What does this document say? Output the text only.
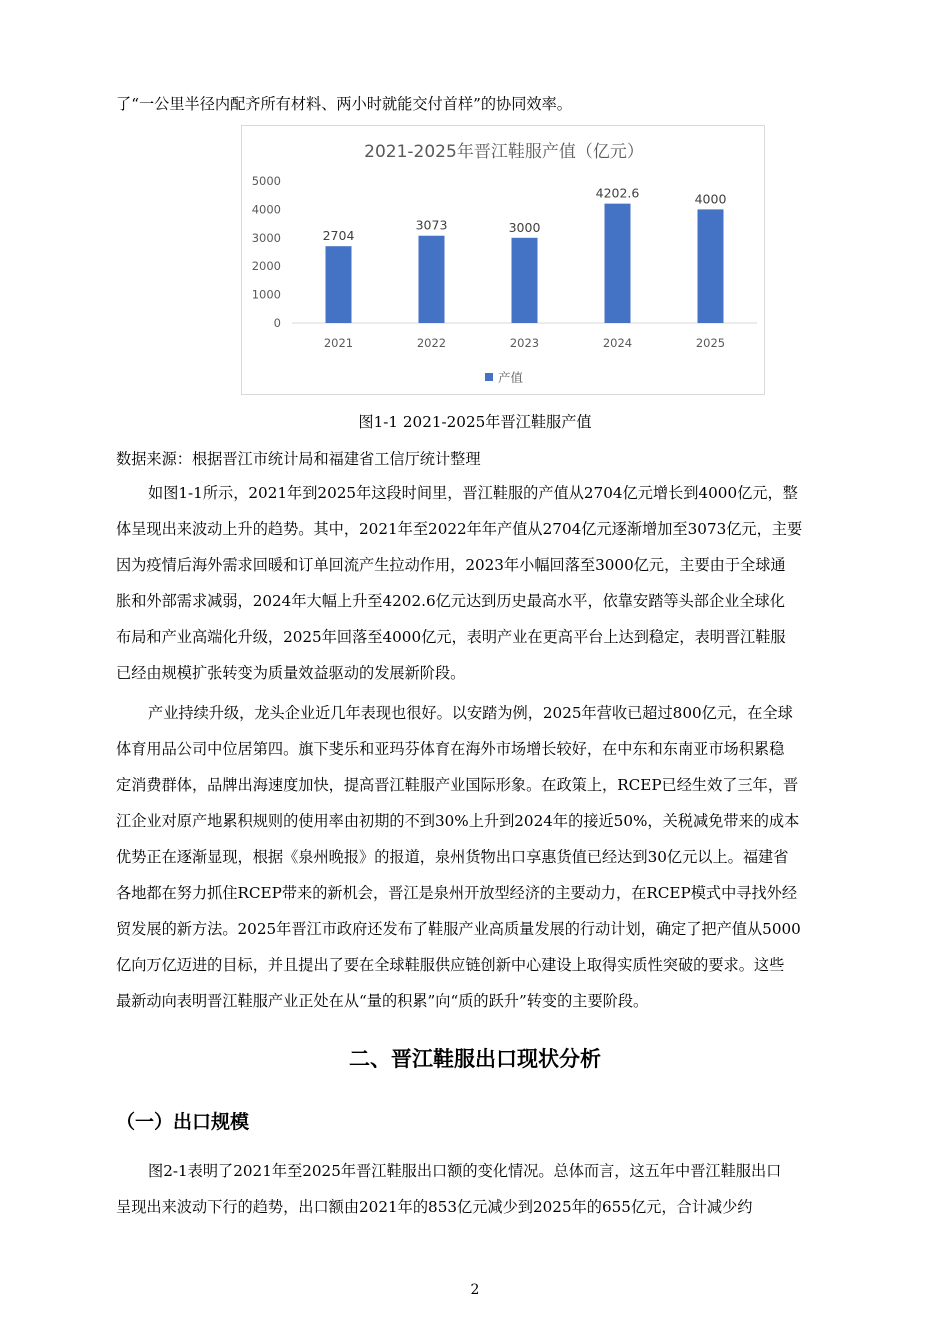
了“一公里半径内配齐所有材料、两小时就能交付首样”的协同效率。
2021-2025年晋江鞋服产值（亿元）
0
1000
2000
3000
4000
5000
2021	2022	2023	2024	2025
2704
3073	3000
4202.6	4000
产值
图1-1 2021-2025年晋江鞋服产值
数据来源：根据晋江市统计局和福建省工信厅统计整理
如图1-1所示，2021年到2025年这段时间里，晋江鞋服的产值从2704亿元增长到4000亿元，整
体呈现出来波动上升的趋势。其中，2021年至2022年年产值从2704亿元逐渐增加至3073亿元，主要
因为疫情后海外需求回暖和订单回流产生拉动作用，2023年小幅回落至3000亿元，主要由于全球通
胀和外部需求减弱，2024年大幅上升至4202.6亿元达到历史最高水平，依靠安踏等头部企业全球化
布局和产业高端化升级，2025年回落至4000亿元，表明产业在更高平台上达到稳定，表明晋江鞋服
已经由规模扩张转变为质量效益驱动的发展新阶段。
产业持续升级，龙头企业近几年表现也很好。以安踏为例，2025年营收已超过800亿元，在全球
体育用品公司中位居第四。旗下斐乐和亚玛芬体育在海外市场增长较好，在中东和东南亚市场积累稳
定消费群体，品牌出海速度加快，提高晋江鞋服产业国际形象。在政策上，RCEP已经生效了三年，晋
江企业对原产地累积规则的使用率由初期的不到30%上升到2024年的接近50%，关税减免带来的成本
优势正在逐渐显现，根据《泉州晚报》的报道，泉州货物出口享惠货值已经达到30亿元以上。福建省
各地都在努力抓住RCEP带来的新机会，晋江是泉州开放型经济的主要动力，在RCEP模式中寻找外经
贸发展的新方法。2025年晋江市政府还发布了鞋服产业高质量发展的行动计划，确定了把产值从5000
亿向万亿迈进的目标，并且提出了要在全球鞋服供应链创新中心建设上取得实质性突破的要求。这些
最新动向表明晋江鞋服产业正处在从“量的积累”向“质的跃升”转变的主要阶段。
二、晋江鞋服出口现状分析
（一）出口规模
图2-1表明了2021年至2025年晋江鞋服出口额的变化情况。总体而言，这五年中晋江鞋服出口
呈现出来波动下行的趋势，出口额由2021年的853亿元减少到2025年的655亿元，合计减少约
2
